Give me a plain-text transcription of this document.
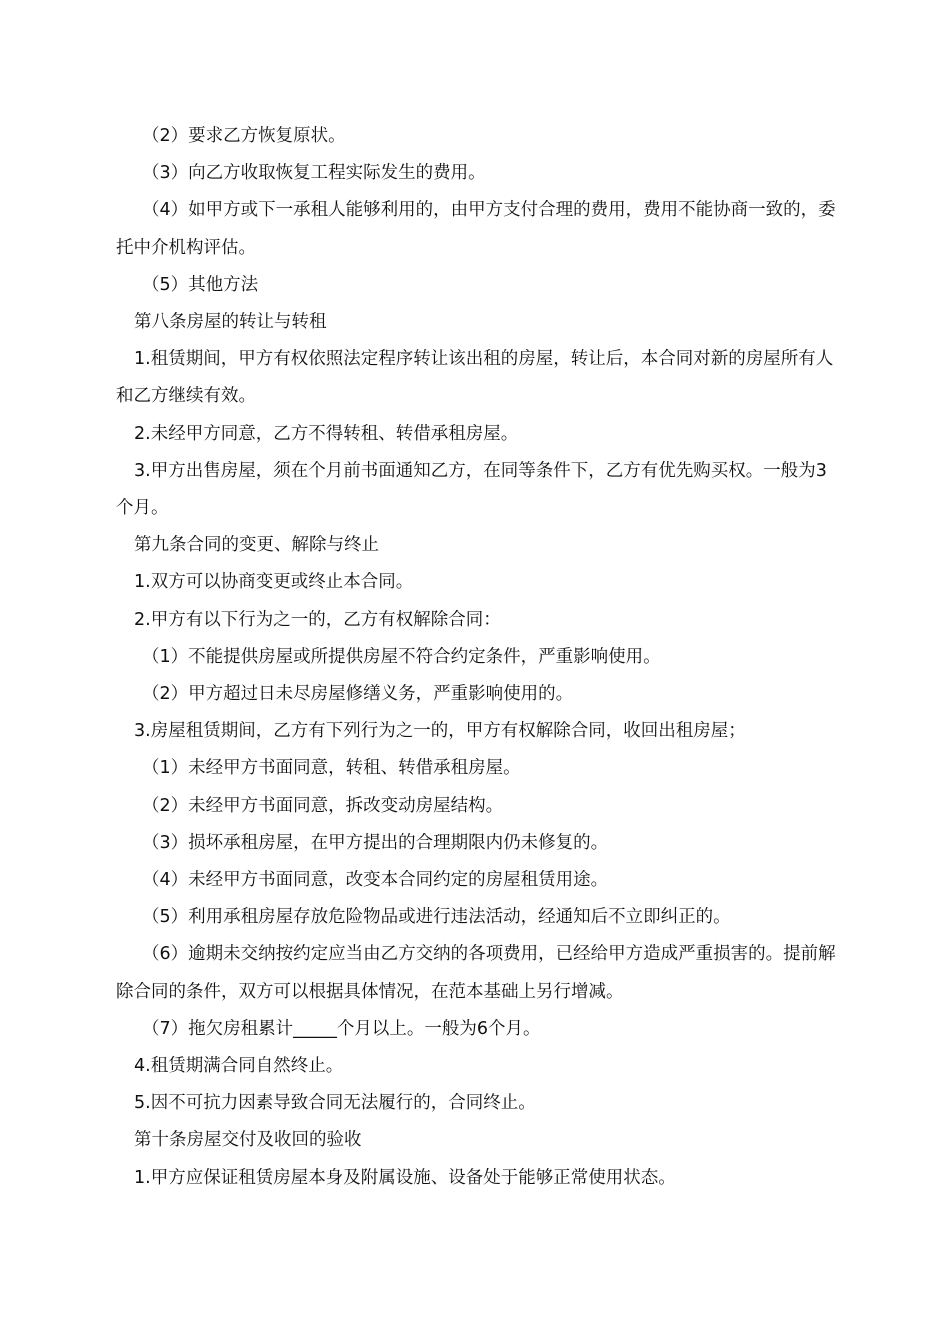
（2）要求乙方恢复原状。

（3）向乙方收取恢复工程实际发生的费用。

（4）如甲方或下一承租人能够利用的，由甲方支付合理的费用，费用不能协商一致的，委托中介机构评估。

（5）其他方法

第八条房屋的转让与转租

1.租赁期间，甲方有权依照法定程序转让该出租的房屋，转让后，本合同对新的房屋所有人和乙方继续有效。

2.未经甲方同意，乙方不得转租、转借承租房屋。

3.甲方出售房屋，须在个月前书面通知乙方，在同等条件下，乙方有优先购买权。一般为3个月。

第九条合同的变更、解除与终止

1.双方可以协商变更或终止本合同。

2.甲方有以下行为之一的，乙方有权解除合同：

（1）不能提供房屋或所提供房屋不符合约定条件，严重影响使用。

（2）甲方超过日未尽房屋修缮义务，严重影响使用的。

3.房屋租赁期间，乙方有下列行为之一的，甲方有权解除合同，收回出租房屋；

（1）未经甲方书面同意，转租、转借承租房屋。

（2）未经甲方书面同意，拆改变动房屋结构。

（3）损坏承租房屋，在甲方提出的合理期限内仍未修复的。

（4）未经甲方书面同意，改变本合同约定的房屋租赁用途。

（5）利用承租房屋存放危险物品或进行违法活动，经通知后不立即纠正的。

（6）逾期未交纳按约定应当由乙方交纳的各项费用，已经给甲方造成严重损害的。提前解除合同的条件，双方可以根据具体情况，在范本基础上另行增减。

（7）拖欠房租累计_____个月以上。一般为6个月。

4.租赁期满合同自然终止。

5.因不可抗力因素导致合同无法履行的，合同终止。

第十条房屋交付及收回的验收

1.甲方应保证租赁房屋本身及附属设施、设备处于能够正常使用状态。
